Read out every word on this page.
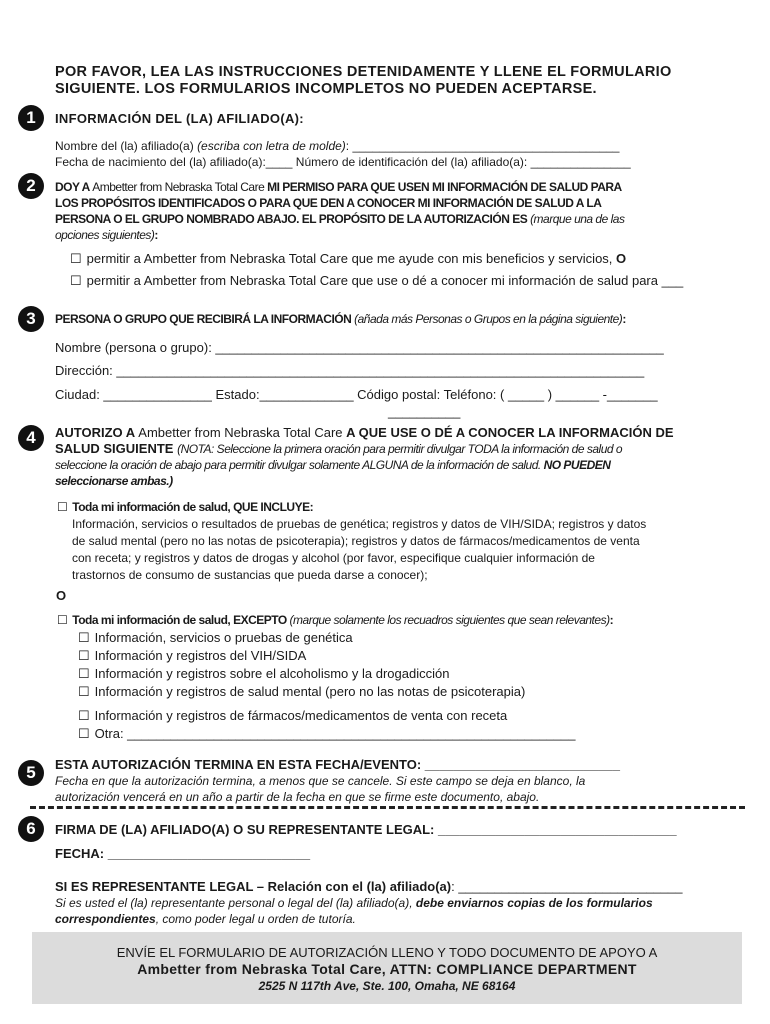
POR FAVOR, LEA LAS INSTRUCCIONES DETENIDAMENTE Y LLENE EL FORMULARIO
SIGUIENTE. LOS FORMULARIOS INCOMPLETOS NO PUEDEN ACEPTARSE.
1	INFORMACIÓN DEL (LA) AFILIADO(A):
Nombre del (la) afiliado(a) (escriba con letra de molde): ________________________________________
Fecha de nacimiento del (la) afiliado(a):____ Número de identificación del (la) afiliado(a): _______________
2	DOY A Ambetter from Nebraska Total Care MI PERMISO PARA QUE USEN MI INFORMACIÓN DE SALUD PARA
LOS PROPÓSITOS IDENTIFICADOS O PARA QUE DEN A CONOCER MI INFORMACIÓN DE SALUD A LA
PERSONA O EL GRUPO NOMBRADO ABAJO. EL PROPÓSITO DE LA AUTORIZACIÓN ES (marque una de las
opciones siguientes):
☐ permitir a Ambetter from Nebraska Total Care que me ayude con mis beneficios y servicios, O
☐ permitir a Ambetter from Nebraska Total Care que use o dé a conocer mi información de salud para ___
3	PERSONA O GRUPO QUE RECIBIRÁ LA INFORMACIÓN (añada más Personas o Grupos en la página siguiente):
Nombre (persona o grupo): ______________________________________________________________
Dirección: _________________________________________________________________________
Ciudad: _______________ Estado:_____________ Código postal: Teléfono: ( _____ ) ______ -_______
__________
4	AUTORIZO A Ambetter from Nebraska Total Care A QUE USE O DÉ A CONOCER LA INFORMACIÓN DE
SALUD SIGUIENTE (NOTA: Seleccione la primera oración para permitir divulgar TODA la información de salud o
seleccione la oración de abajo para permitir divulgar solamente ALGUNA de la información de salud. NO PUEDEN
seleccionarse ambas.)
☐ Toda mi información de salud, QUE INCLUYE:
Información, servicios o resultados de pruebas de genética; registros y datos de VIH/SIDA; registros y datos
de salud mental (pero no las notas de psicoterapia); registros y datos de fármacos/medicamentos de venta
con receta; y registros y datos de drogas y alcohol (por favor, especifique cualquier información de
trastornos de consumo de sustancias que pueda darse a conocer);
O
☐ Toda mi información de salud, EXCEPTO (marque solamente los recuadros siguientes que sean relevantes):
☐ Información, servicios o pruebas de genética
☐ Información y registros del VIH/SIDA
☐ Información y registros sobre el alcoholismo y la drogadicción
☐ Información y registros de salud mental (pero no las notas de psicoterapia)
☐ Información y registros de fármacos/medicamentos de venta con receta
☐ Otra: ______________________________________________________________
5	ESTA AUTORIZACIÓN TERMINA EN ESTA FECHA/EVENTO: ___________________________
Fecha en que la autorización termina, a menos que se cancele. Si este campo se deja en blanco, la
autorización vencerá en un año a partir de la fecha en que se firme este documento, abajo.
6	FIRMA DE (LA) AFILIADO(A) O SU REPRESENTANTE LEGAL: _________________________________
FECHA: ____________________________
SI ES REPRESENTANTE LEGAL – Relación con el (la) afiliado(a): _______________________________
Si es usted el (la) representante personal o legal del (la) afiliado(a), debe enviarnos copias de los formularios
correspondientes, como poder legal u orden de tutoría.
ENVÍE EL FORMULARIO DE AUTORIZACIÓN LLENO Y TODO DOCUMENTO DE APOYO A
Ambetter from Nebraska Total Care, ATTN: COMPLIANCE DEPARTMENT
2525 N 117th Ave, Ste. 100, Omaha, NE 68164
